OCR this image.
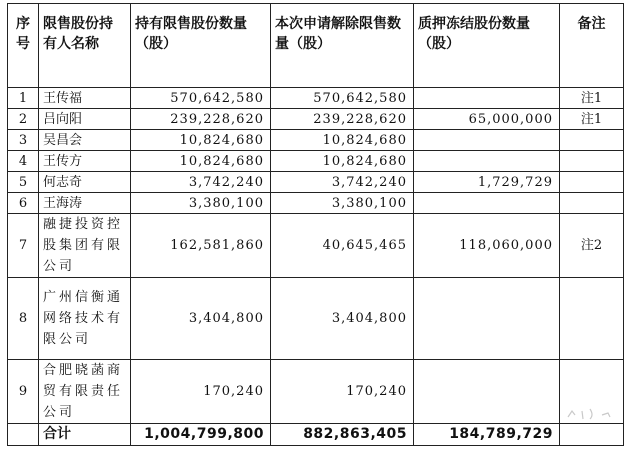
序号	限售股份持有人名称	持有限售股份数量（股）	本次申请解除限售数量（股）	质押冻结股份数量（股）	备注
1	王传福	570,642,580	570,642,580		注1
2	吕向阳	239,228,620	239,228,620	65,000,000	注1
3	吴昌会	10,824,680	10,824,680		
4	王传方	10,824,680	10,824,680		
5	何志奇	3,742,240	3,742,240	1,729,729	
6	王海涛	3,380,100	3,380,100		
7	融捷投资控股集团有限公司	162,581,860	40,645,465	118,060,000	注2
8	广州信衡通网络技术有限公司	3,404,800	3,404,800		
9	合肥晓菡商贸有限责任公司	170,240	170,240		
	合计	1,004,799,800	882,863,405	184,789,729	
